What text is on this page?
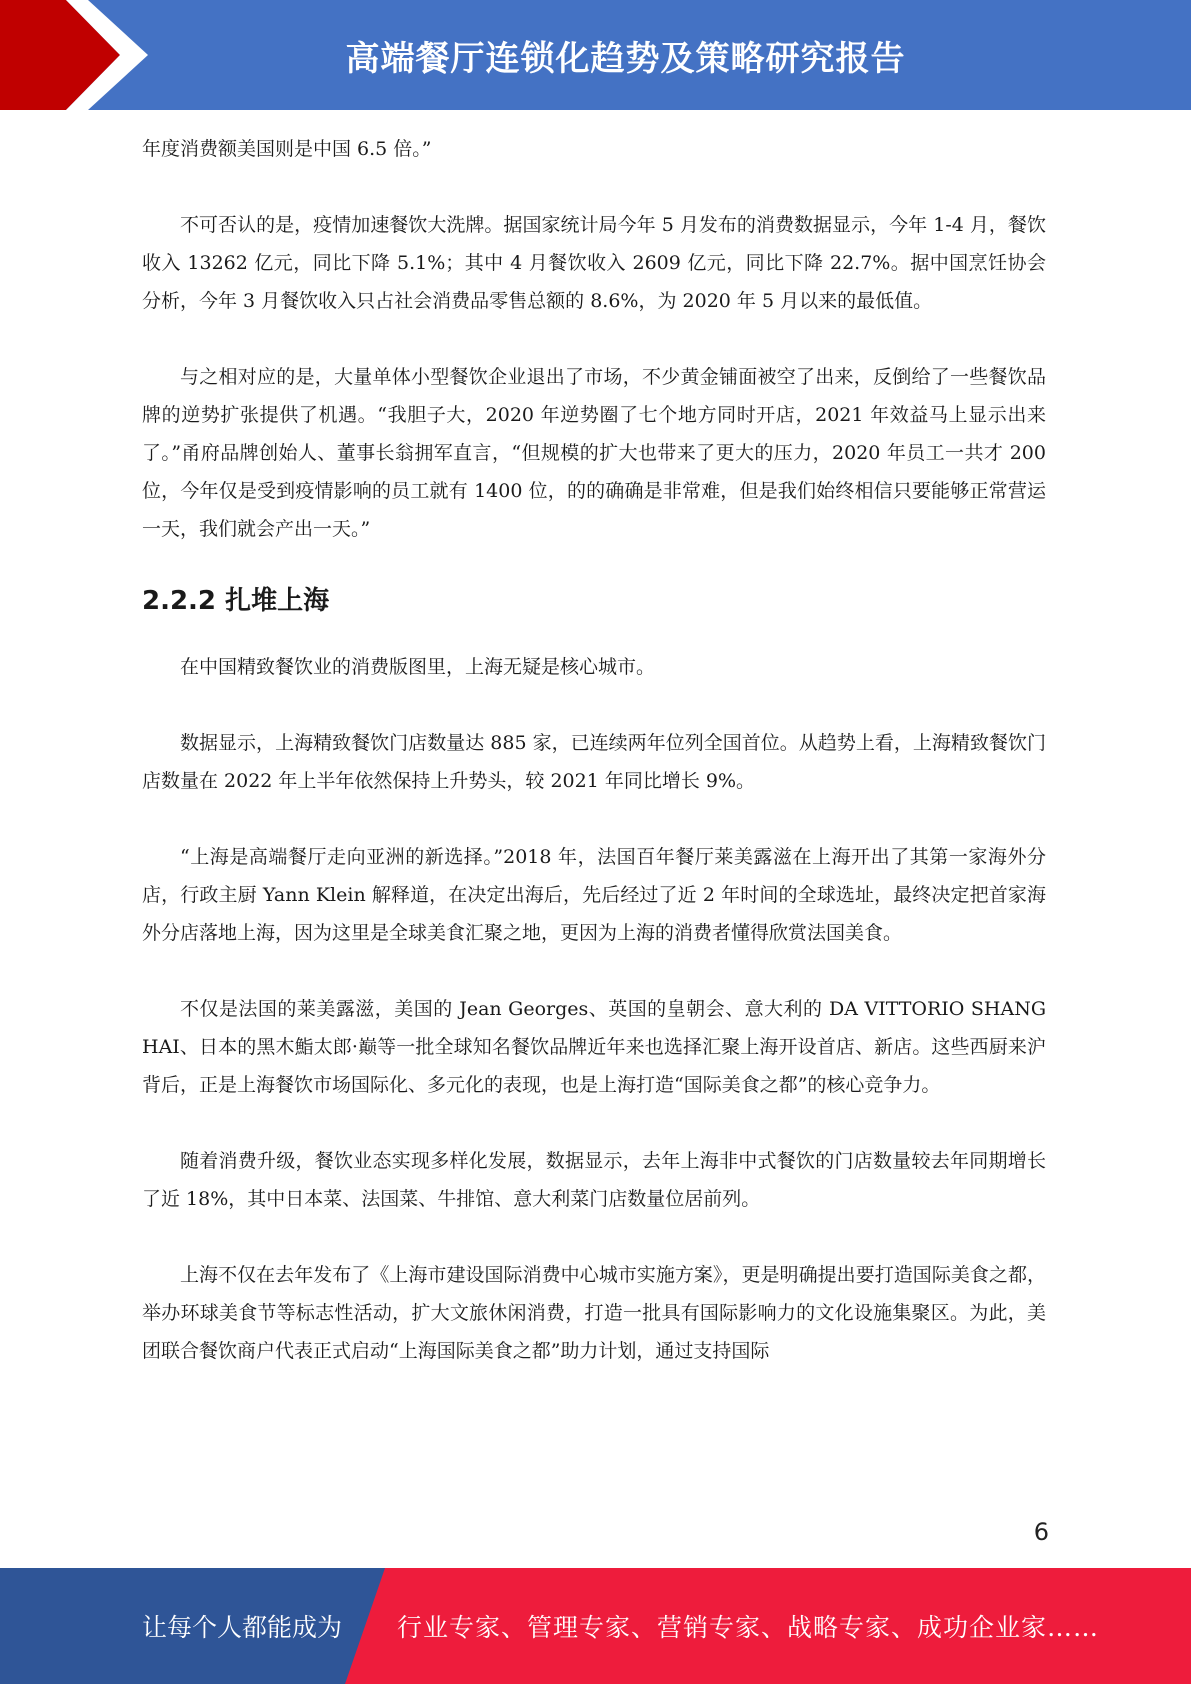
高端餐厅连锁化趋势及策略研究报告

年度消费额美国则是中国 6.5 倍。”

不可否认的是，疫情加速餐饮大洗牌。据国家统计局今年 5 月发布的消费数据显示，今年 1-4 月，餐饮收入 13262 亿元，同比下降 5.1%；其中 4 月餐饮收入 2609 亿元，同比下降 22.7%。据中国烹饪协会分析，今年 3 月餐饮收入只占社会消费品零售总额的 8.6%，为 2020 年 5 月以来的最低值。

与之相对应的是，大量单体小型餐饮企业退出了市场，不少黄金铺面被空了出来，反倒给了一些餐饮品牌的逆势扩张提供了机遇。“我胆子大，2020 年逆势圈了七个地方同时开店，2021 年效益马上显示出来了。”甬府品牌创始人、董事长翁拥军直言，“但规模的扩大也带来了更大的压力，2020 年员工一共才 200 位，今年仅是受到疫情影响的员工就有 1400 位，的的确确是非常难，但是我们始终相信只要能够正常营运一天，我们就会产出一天。”

2.2.2 扎堆上海

在中国精致餐饮业的消费版图里，上海无疑是核心城市。

数据显示，上海精致餐饮门店数量达 885 家，已连续两年位列全国首位。从趋势上看，上海精致餐饮门店数量在 2022 年上半年依然保持上升势头，较 2021 年同比增长 9%。

“上海是高端餐厅走向亚洲的新选择。”2018 年，法国百年餐厅莱美露滋在上海开出了其第一家海外分店，行政主厨 Yann Klein 解释道，在决定出海后，先后经过了近 2 年时间的全球选址，最终决定把首家海外分店落地上海，因为这里是全球美食汇聚之地，更因为上海的消费者懂得欣赏法国美食。

不仅是法国的莱美露滋，美国的 Jean Georges、英国的皇朝会、意大利的 DA VITTORIO SHANGHAI、日本的黑木鮨太郎·巅等一批全球知名餐饮品牌近年来也选择汇聚上海开设首店、新店。这些西厨来沪背后，正是上海餐饮市场国际化、多元化的表现，也是上海打造“国际美食之都”的核心竞争力。

随着消费升级，餐饮业态实现多样化发展，数据显示，去年上海非中式餐饮的门店数量较去年同期增长了近 18%，其中日本菜、法国菜、牛排馆、意大利菜门店数量位居前列。

上海不仅在去年发布了《上海市建设国际消费中心城市实施方案》，更是明确提出要打造国际美食之都，举办环球美食节等标志性活动，扩大文旅休闲消费，打造一批具有国际影响力的文化设施集聚区。为此，美团联合餐饮商户代表正式启动“上海国际美食之都”助力计划，通过支持国际

6
让每个人都能成为 行业专家、管理专家、营销专家、战略专家、成功企业家……
